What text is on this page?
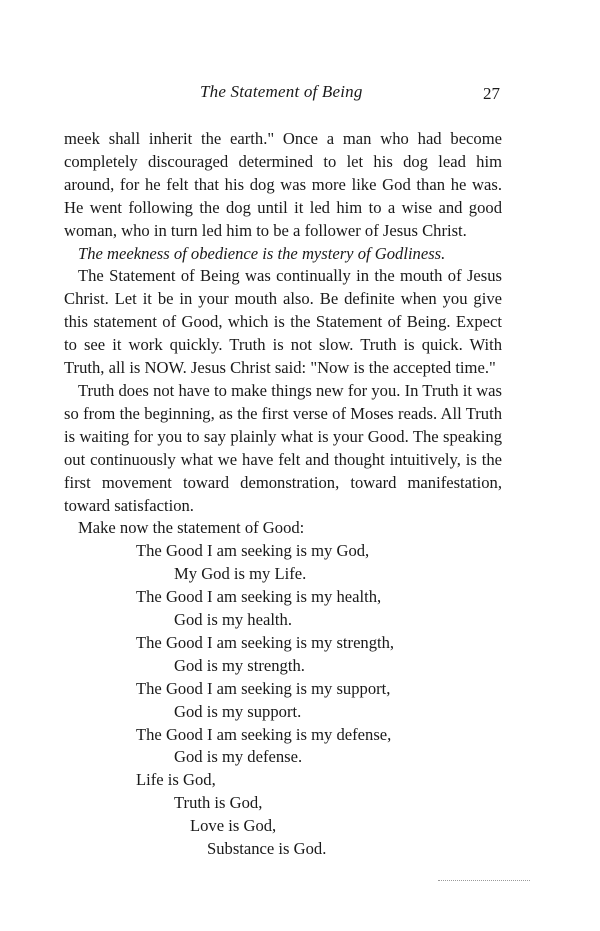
The Statement of Being	27

meek shall inherit the earth." Once a man who had become completely discouraged determined to let his dog lead him around, for he felt that his dog was more like God than he was. He went following the dog until it led him to a wise and good woman, who in turn led him to be a follower of Jesus Christ.

The meekness of obedience is the mystery of Godliness.

The Statement of Being was continually in the mouth of Jesus Christ. Let it be in your mouth also. Be definite when you give this statement of Good, which is the Statement of Being. Expect to see it work quickly. Truth is not slow. Truth is quick. With Truth, all is NOW. Jesus Christ said: "Now is the accepted time."

Truth does not have to make things new for you. In Truth it was so from the beginning, as the first verse of Moses reads. All Truth is waiting for you to say plainly what is your Good. The speaking out continuously what we have felt and thought intuitively, is the first movement toward demonstration, toward manifestation, toward satisfaction.

Make now the statement of Good:

The Good I am seeking is my God,
My God is my Life.
The Good I am seeking is my health,
God is my health.
The Good I am seeking is my strength,
God is my strength.
The Good I am seeking is my support,
God is my support.
The Good I am seeking is my defense,
God is my defense.
Life is God,
Truth is God,
Love is God,
Substance is God.
